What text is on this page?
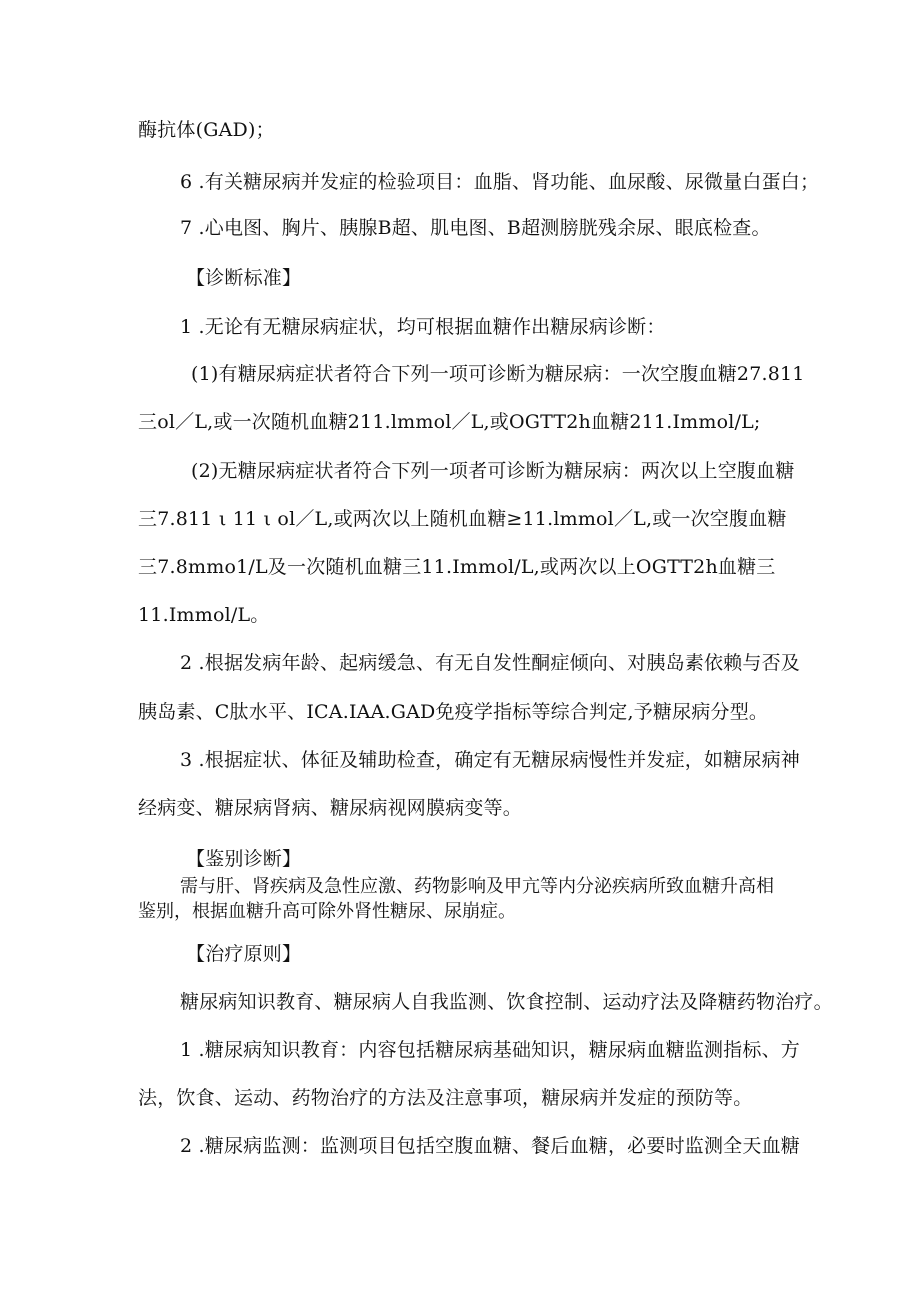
酶抗体(GAD)；
6 .有关糖尿病并发症的检验项目：血脂、肾功能、血尿酸、尿微量白蛋白；
7 .心电图、胸片、胰腺B超、肌电图、B超测膀胱残余尿、眼底检查。
【诊断标准】
1 .无论有无糖尿病症状，均可根据血糖作出糖尿病诊断：
(1)有糖尿病症状者符合下列一项可诊断为糖尿病：一次空腹血糖27.811
三ol／L,或一次随机血糖211.lmmol／L,或OGTT2h血糖211.Immol/L;
(2)无糖尿病症状者符合下列一项者可诊断为糖尿病：两次以上空腹血糖
三7.811 ι 11 ι ol／L,或两次以上随机血糖≥11.lmmol／L,或一次空腹血糖
三7.8mmo1/L及一次随机血糖三11.Immol/L,或两次以上OGTT2h血糖三
11.Immol/L。
2 .根据发病年龄、起病缓急、有无自发性酮症倾向、对胰岛素依赖与否及
胰岛素、C肽水平、ICA.IAA.GAD免疫学指标等综合判定,予糖尿病分型。
3 .根据症状、体征及辅助检查，确定有无糖尿病慢性并发症，如糖尿病神
经病变、糖尿病肾病、糖尿病视网膜病变等。
【鉴别诊断】
需与肝、肾疾病及急性应激、药物影响及甲亢等内分泌疾病所致血糖升高相
鉴别，根据血糖升高可除外肾性糖尿、尿崩症。
【治疗原则】
糖尿病知识教育、糖尿病人自我监测、饮食控制、运动疗法及降糖药物治疗。
1 .糖尿病知识教育：内容包括糖尿病基础知识，糖尿病血糖监测指标、方
法，饮食、运动、药物治疗的方法及注意事项，糖尿病并发症的预防等。
2 .糖尿病监测：监测项目包括空腹血糖、餐后血糖，必要时监测全天血糖
